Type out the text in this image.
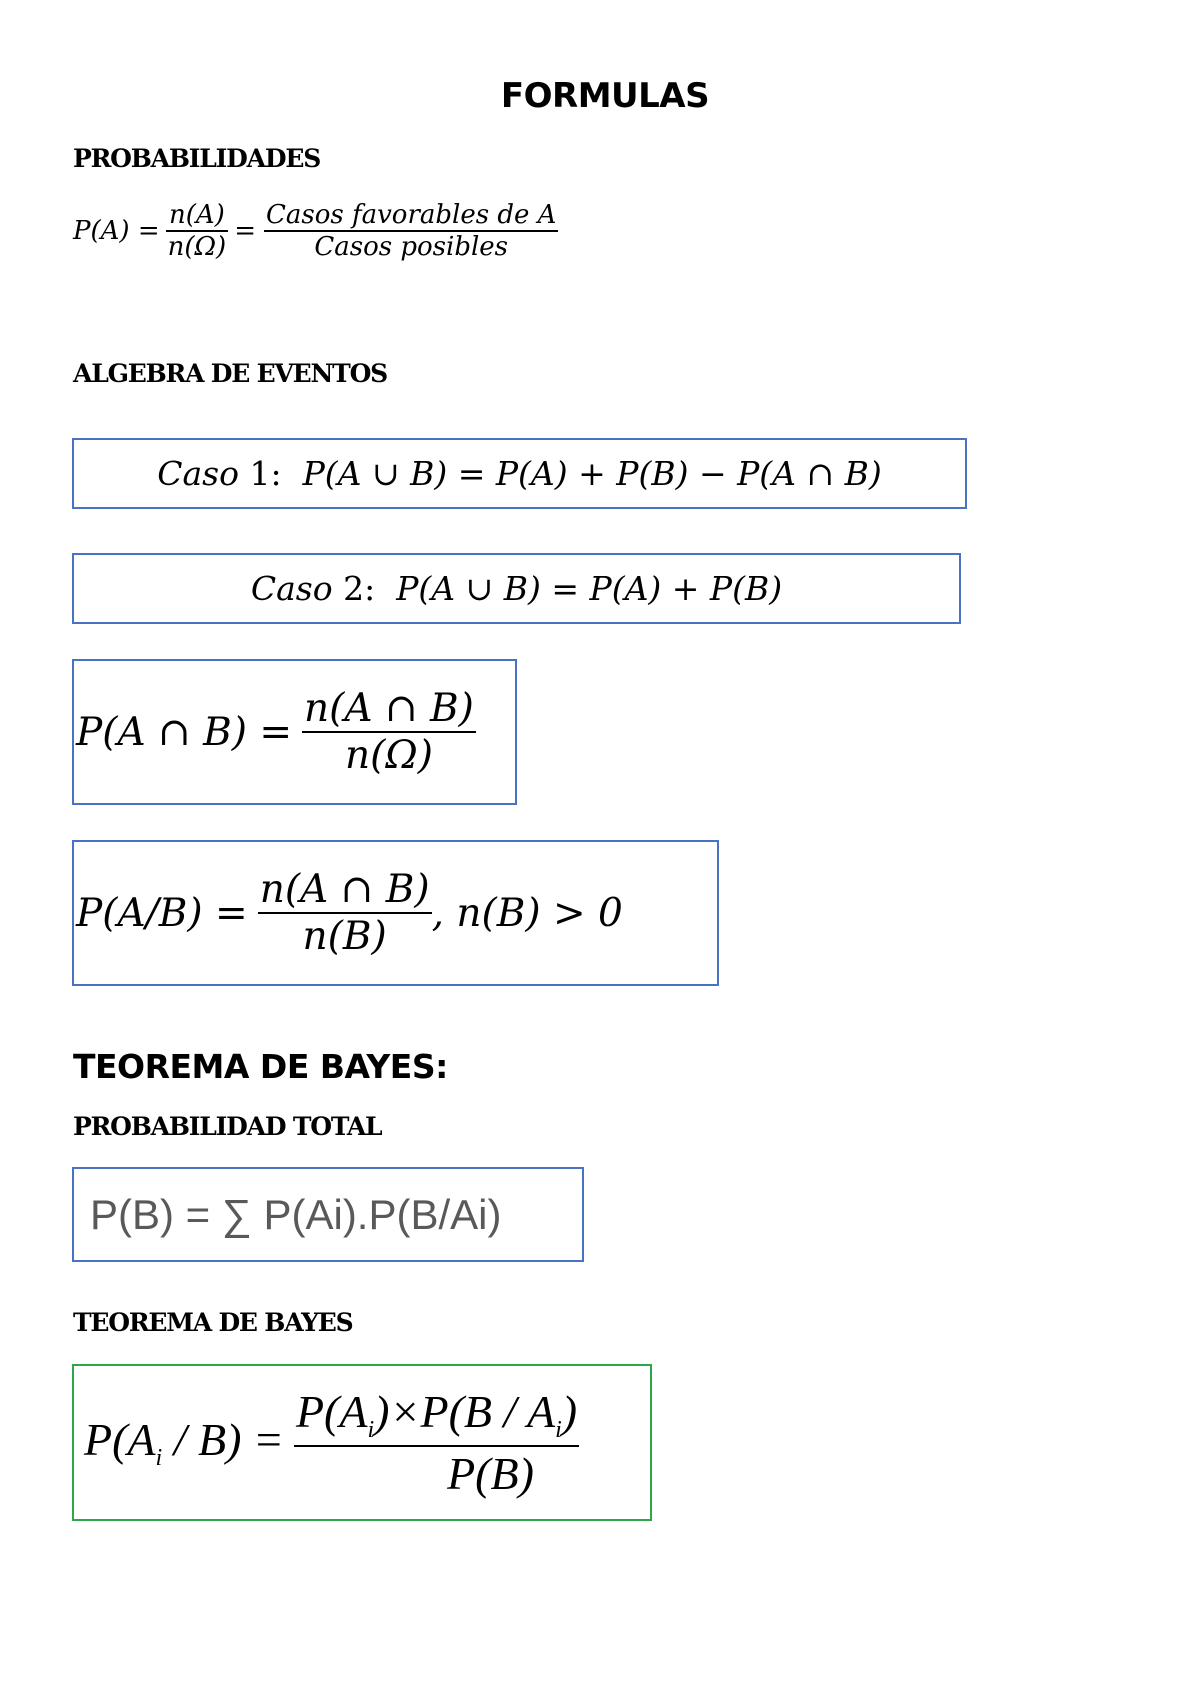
FORMULAS
PROBABILIDADES
$P(A) = \frac{n(A)}{n(\Omega)} = \frac{\text{Casos favorables de A}}{\text{Casos posibles}}$
ALGEBRA DE EVENTOS
Caso
1:
P(A ∪ B) = P(A) + P(B) − P(A ∩ B)
Caso
2:
P(A ∪ B) = P(A) + P(B)
P(A ∩ $B) = \frac{n(A \cap B)}{n(\Omega)}$
$P(A/B) = \frac{n(A \cap B)}{n(B)}$ , n(B) > 0
TEOREMA DE BAYES:
PROBABILIDAD TOTAL
P(B) = ∑ P(Ai).P(B/Ai)
TEOREMA DE BAYES
$P(A_i / B) = \frac{P(A_i)\times P(B / A_i)}{P(B)}$
